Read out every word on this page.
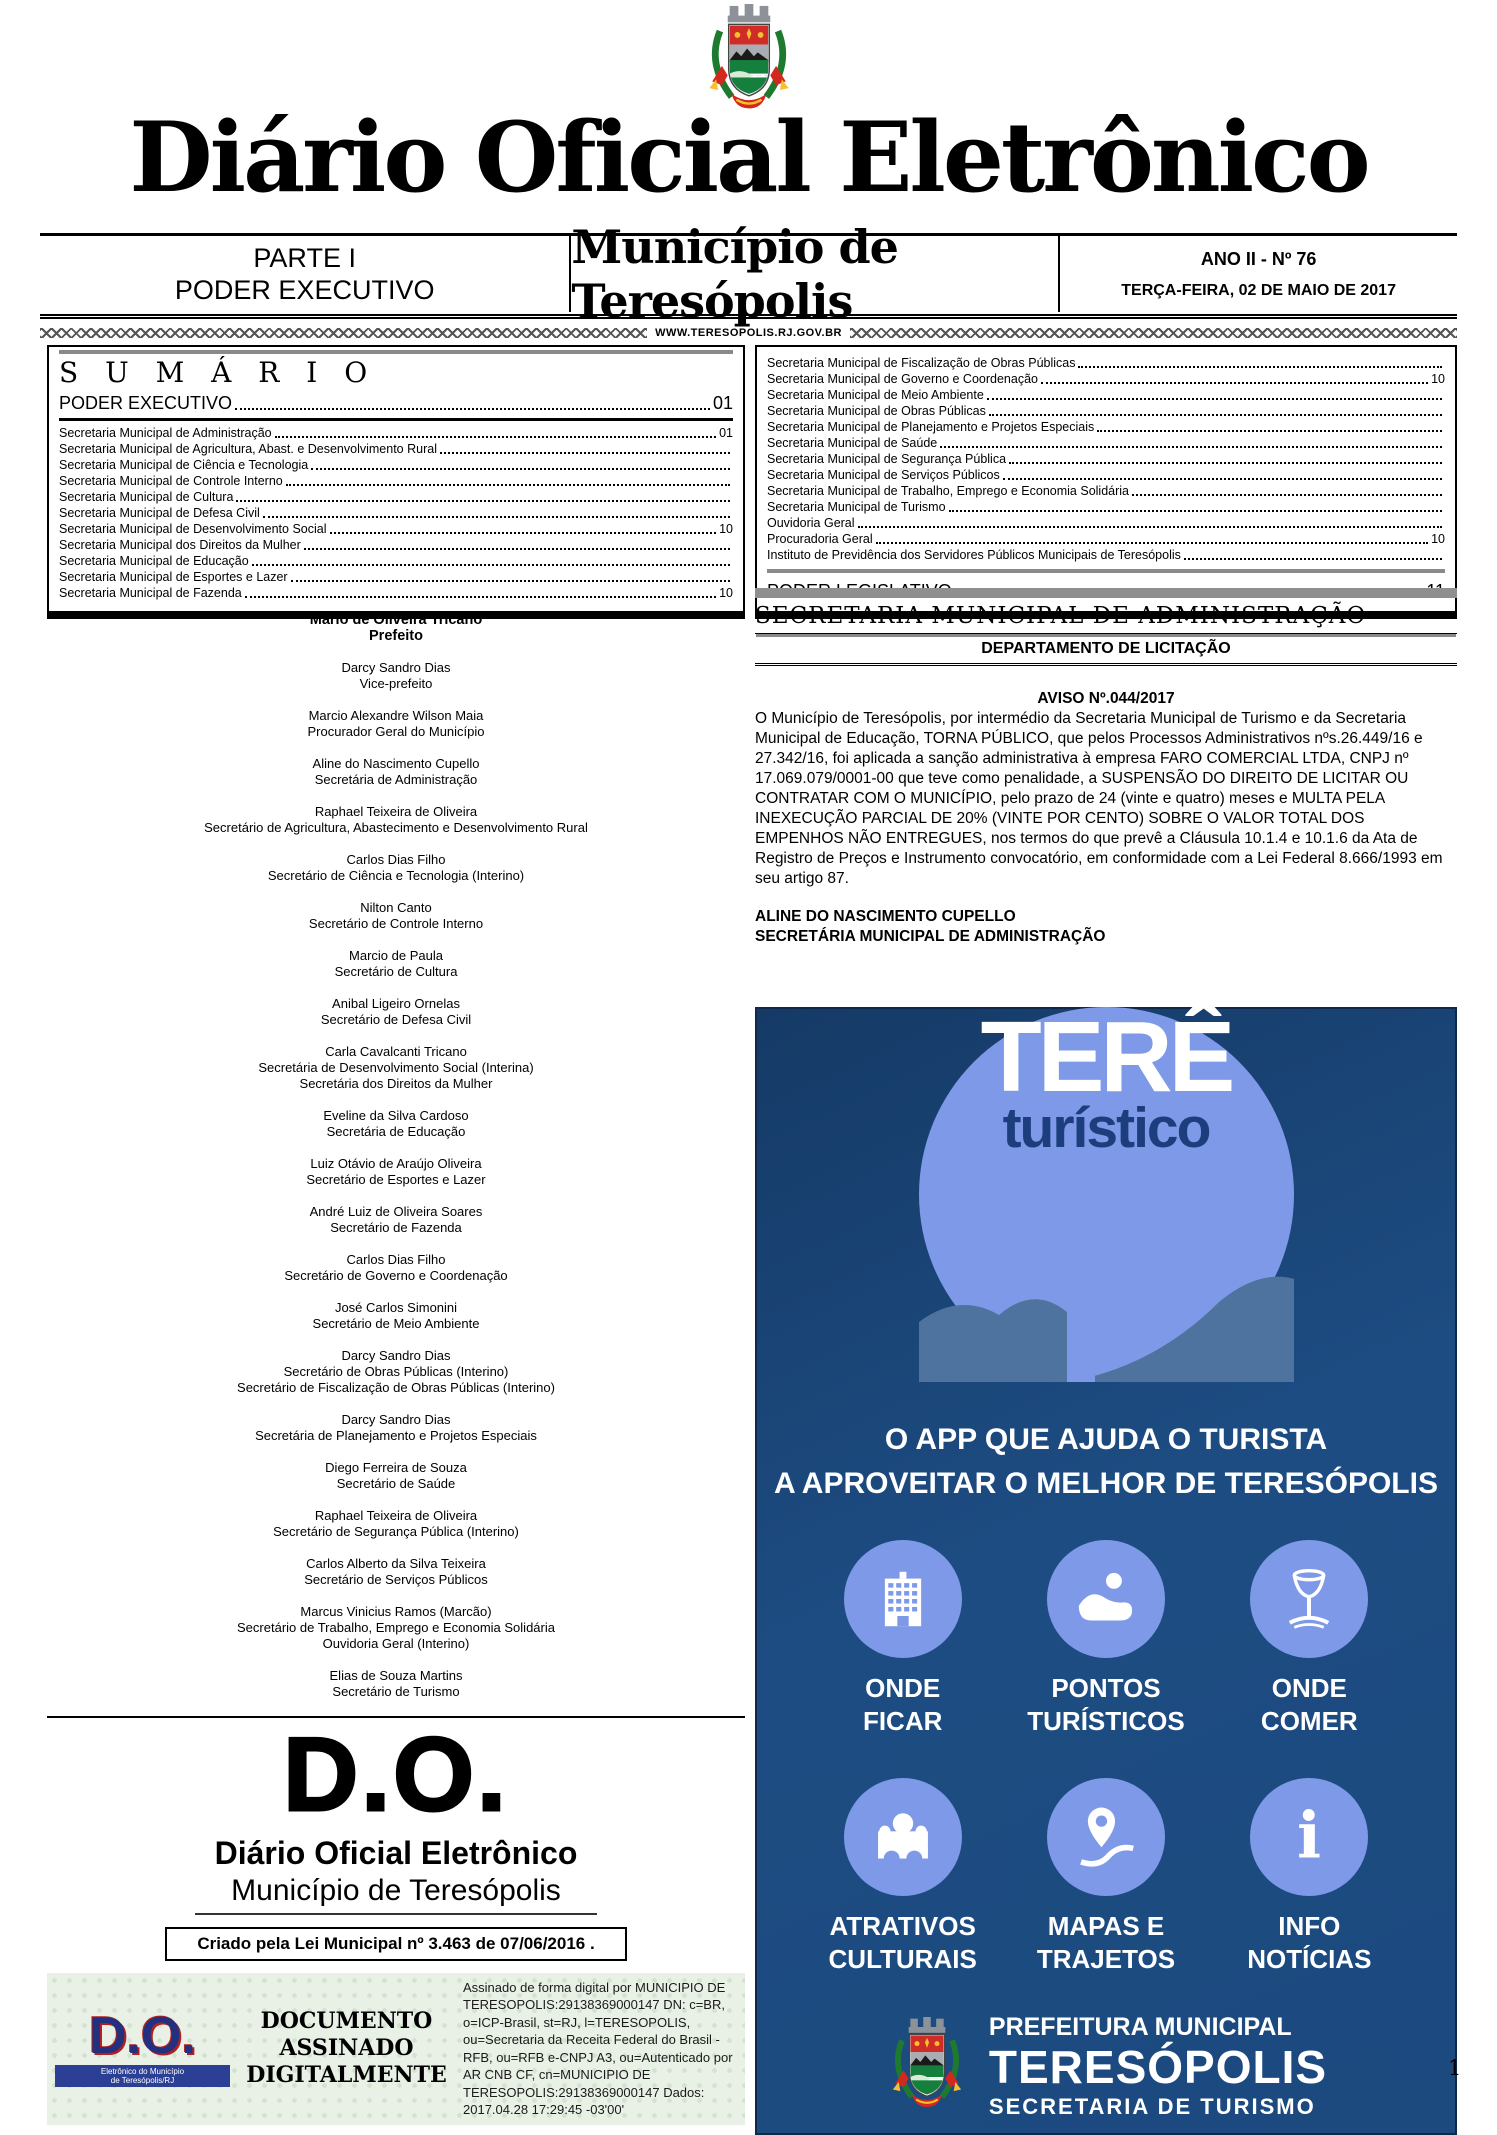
Diário Oficial Eletrônico
PARTE I
PODER EXECUTIVO
Município de Teresópolis
ANO II - Nº 76
TERÇA-FEIRA, 02 DE MAIO DE 2017
WWW.TERESOPOLIS.RJ.GOV.BR
S U M Á R I O
PODER EXECUTIVO	01
Secretaria Municipal de Administração	01
Secretaria Municipal de Agricultura, Abast. e Desenvolvimento Rural
Secretaria Municipal de Ciência e Tecnologia
Secretaria Municipal de Controle Interno
Secretaria Municipal de Cultura
Secretaria Municipal de Defesa Civil
Secretaria Municipal de Desenvolvimento Social	10
Secretaria Municipal dos Direitos da Mulher
Secretaria Municipal de Educação
Secretaria Municipal de Esportes e Lazer
Secretaria Municipal de Fazenda	10
Secretaria Municipal de Fiscalização de Obras Públicas
Secretaria Municipal de Governo e Coordenação	10
Secretaria Municipal de Meio Ambiente
Secretaria Municipal de Obras Públicas
Secretaria Municipal de Planejamento e Projetos Especiais
Secretaria Municipal de Saúde
Secretaria Municipal de Segurança Pública
Secretaria Municipal de Serviços Públicos
Secretaria Municipal de Trabalho, Emprego e Economia Solidária
Secretaria Municipal de Turismo
Ouvidoria Geral
Procuradoria Geral	10
Instituto de Previdência dos Servidores Públicos Municipais de Teresópolis
Mario de Oliveira Tricano
Prefeito
Darcy Sandro Dias
Vice-prefeito
Marcio Alexandre Wilson Maia
Procurador Geral do Município
Aline do Nascimento Cupello
Secretária de Administração
Raphael Teixeira de Oliveira
Secretário de Agricultura, Abastecimento e Desenvolvimento Rural
Carlos Dias Filho
Secretário de Ciência e Tecnologia (Interino)
Nilton Canto
Secretário de Controle Interno
Marcio de Paula
Secretário de Cultura
Anibal Ligeiro Ornelas
Secretário de Defesa Civil
Carla Cavalcanti Tricano
Secretária de Desenvolvimento Social (Interina)
Secretária dos Direitos da Mulher
Eveline da Silva Cardoso
Secretária de Educação
Luiz Otávio de Araújo Oliveira
Secretário de Esportes e Lazer
André Luiz de Oliveira Soares
Secretário de Fazenda
Carlos Dias Filho
Secretário de Governo e Coordenação
José Carlos Simonini
Secretário de Meio Ambiente
Darcy Sandro Dias
Secretário de Obras Públicas (Interino)
Secretário de Fiscalização de Obras Públicas (Interino)
Darcy Sandro Dias
Secretária de Planejamento e Projetos Especiais
Diego Ferreira de Souza
Secretário de Saúde
Raphael Teixeira de Oliveira
Secretário de Segurança Pública (Interino)
Carlos Alberto da Silva Teixeira
Secretário de Serviços Públicos
Marcus Vinicius Ramos (Marcão)
Secretário de Trabalho, Emprego e Economia Solidária
Ouvidoria Geral (Interino)
Elias de Souza Martins
Secretário de Turismo
D.O.
Diário Oficial Eletrônico
Município de Teresópolis
Criado pela Lei Municipal nº 3.463 de 07/06/2016 .
D.O.
Eletrônico do Município
de Teresópolis/RJ
DOCUMENTO
ASSINADO
DIGITALMENTE
Assinado de forma digital por MUNICIPIO DE TERESOPOLIS:29138369000147 DN: c=BR, o=ICP-Brasil, st=RJ, l=TERESOPOLIS, ou=Secretaria da Receita Federal do Brasil - RFB, ou=RFB e-CNPJ A3, ou=Autenticado por AR CNB CF, cn=MUNICIPIO DE TERESOPOLIS:29138369000147 Dados: 2017.04.28 17:29:45 -03'00'
SECRETARIA MUNICIPAL DE ADMINISTRAÇÃO
DEPARTAMENTO DE LICITAÇÃO
AVISO Nº.044/2017
O Município de Teresópolis, por intermédio da Secretaria Municipal de Turismo e da Secretaria Municipal de Educação, TORNA PÚBLICO, que pelos Processos Administrativos nºs.26.449/16 e 27.342/16, foi aplicada a sanção administrativa à empresa FARO COMERCIAL LTDA, CNPJ nº 17.069.079/0001-00 que teve como penalidade, a SUSPENSÃO DO DIREITO DE LICITAR OU CONTRATAR COM O MUNICÍPIO, pelo prazo de 24 (vinte e quatro) meses e MULTA PELA INEXECUÇÃO PARCIAL DE 20% (VINTE POR CENTO) SOBRE O VALOR TOTAL DOS EMPENHOS NÃO ENTREGUES, nos termos do que prevê a Cláusula 10.1.4 e 10.1.6 da Ata de Registro de Preços e Instrumento convocatório, em conformidade com a Lei Federal 8.666/1993 em seu artigo 87.
ALINE DO NASCIMENTO CUPELLO
SECRETÁRIA MUNICIPAL DE ADMINISTRAÇÃO
TERÊ
turístico
O APP QUE AJUDA O TURISTA
A APROVEITAR O MELHOR DE TERESÓPOLIS
ONDE
FICAR
PONTOS
TURÍSTICOS
ONDE
COMER
ATRATIVOS
CULTURAIS
MAPAS E
TRAJETOS
i
INFO
NOTÍCIAS
PREFEITURA MUNICIPAL
TERESÓPOLIS
SECRETARIA DE TURISMO
1
